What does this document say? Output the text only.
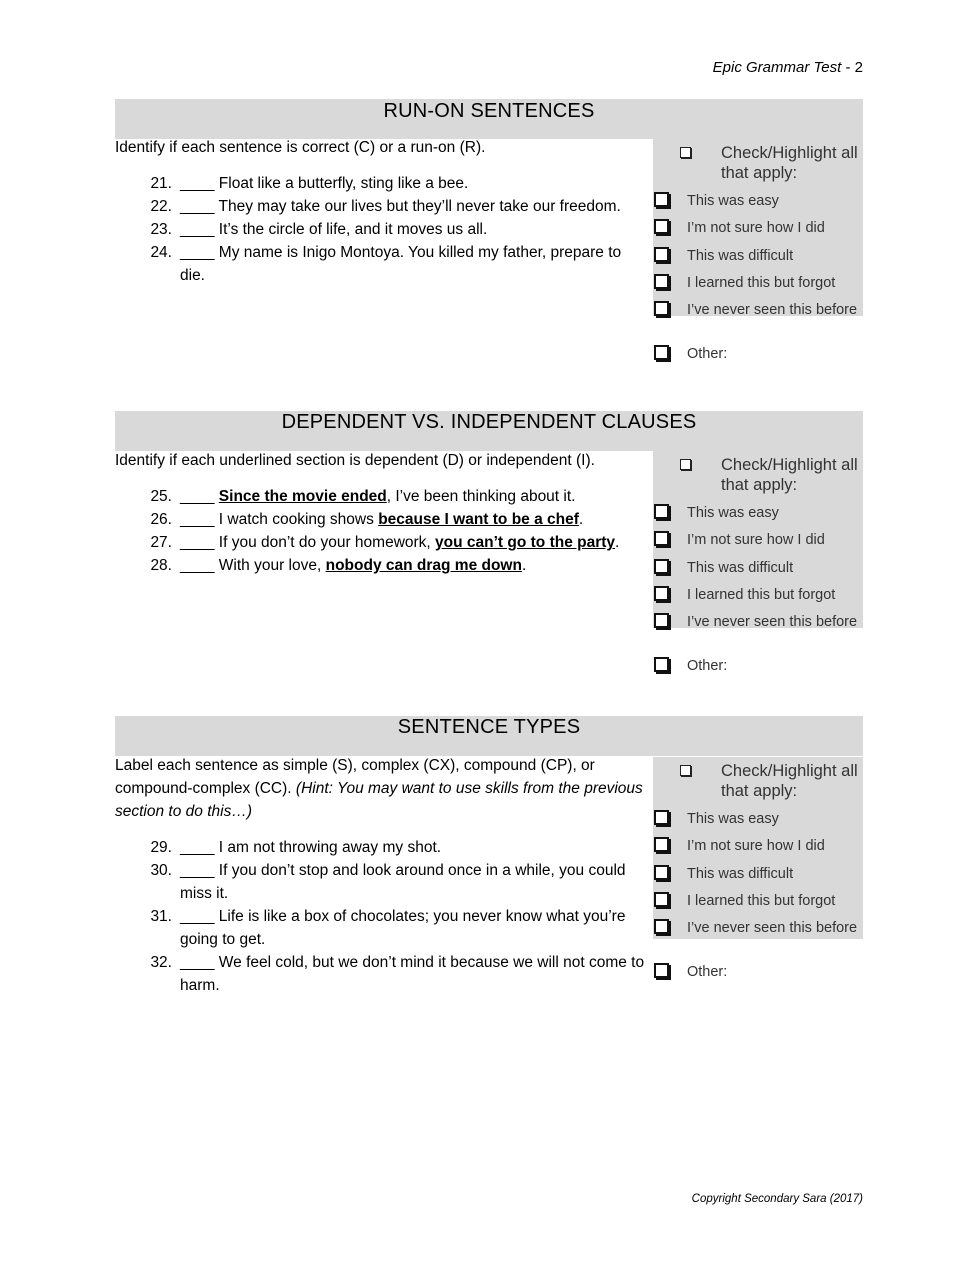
Epic Grammar Test - 2
RUN-ON SENTENCES

Identify if each sentence is correct (C) or a run-on (R).

21. ____ Float like a butterfly, sting like a bee.
22. ____ They may take our lives but they’ll never take our freedom.
23. ____ It’s the circle of life, and it moves us all.
24. ____ My name is Inigo Montoya. You killed my father, prepare to die.
Check/Highlight all that apply:
This was easy
I’m not sure how I did
This was difficult
I learned this but forgot
I’ve never seen this before
Other:
DEPENDENT VS. INDEPENDENT CLAUSES

Identify if each underlined section is dependent (D) or independent (I).

25. ____ Since the movie ended, I’ve been thinking about it.
26. ____ I watch cooking shows because I want to be a chef.
27. ____ If you don’t do your homework, you can’t go to the party.
28. ____ With your love, nobody can drag me down.
Check/Highlight all that apply:
This was easy
I’m not sure how I did
This was difficult
I learned this but forgot
I’ve never seen this before
Other:
SENTENCE TYPES

Label each sentence as simple (S), complex (CX), compound (CP), or compound-complex (CC). (Hint: You may want to use skills from the previous section to do this…)

29. ____ I am not throwing away my shot.
30. ____ If you don’t stop and look around once in a while, you could miss it.
31. ____ Life is like a box of chocolates; you never know what you’re going to get.
32. ____ We feel cold, but we don’t mind it because we will not come to harm.
Check/Highlight all that apply:
This was easy
I’m not sure how I did
This was difficult
I learned this but forgot
I’ve never seen this before
Other:
Copyright Secondary Sara (2017)
